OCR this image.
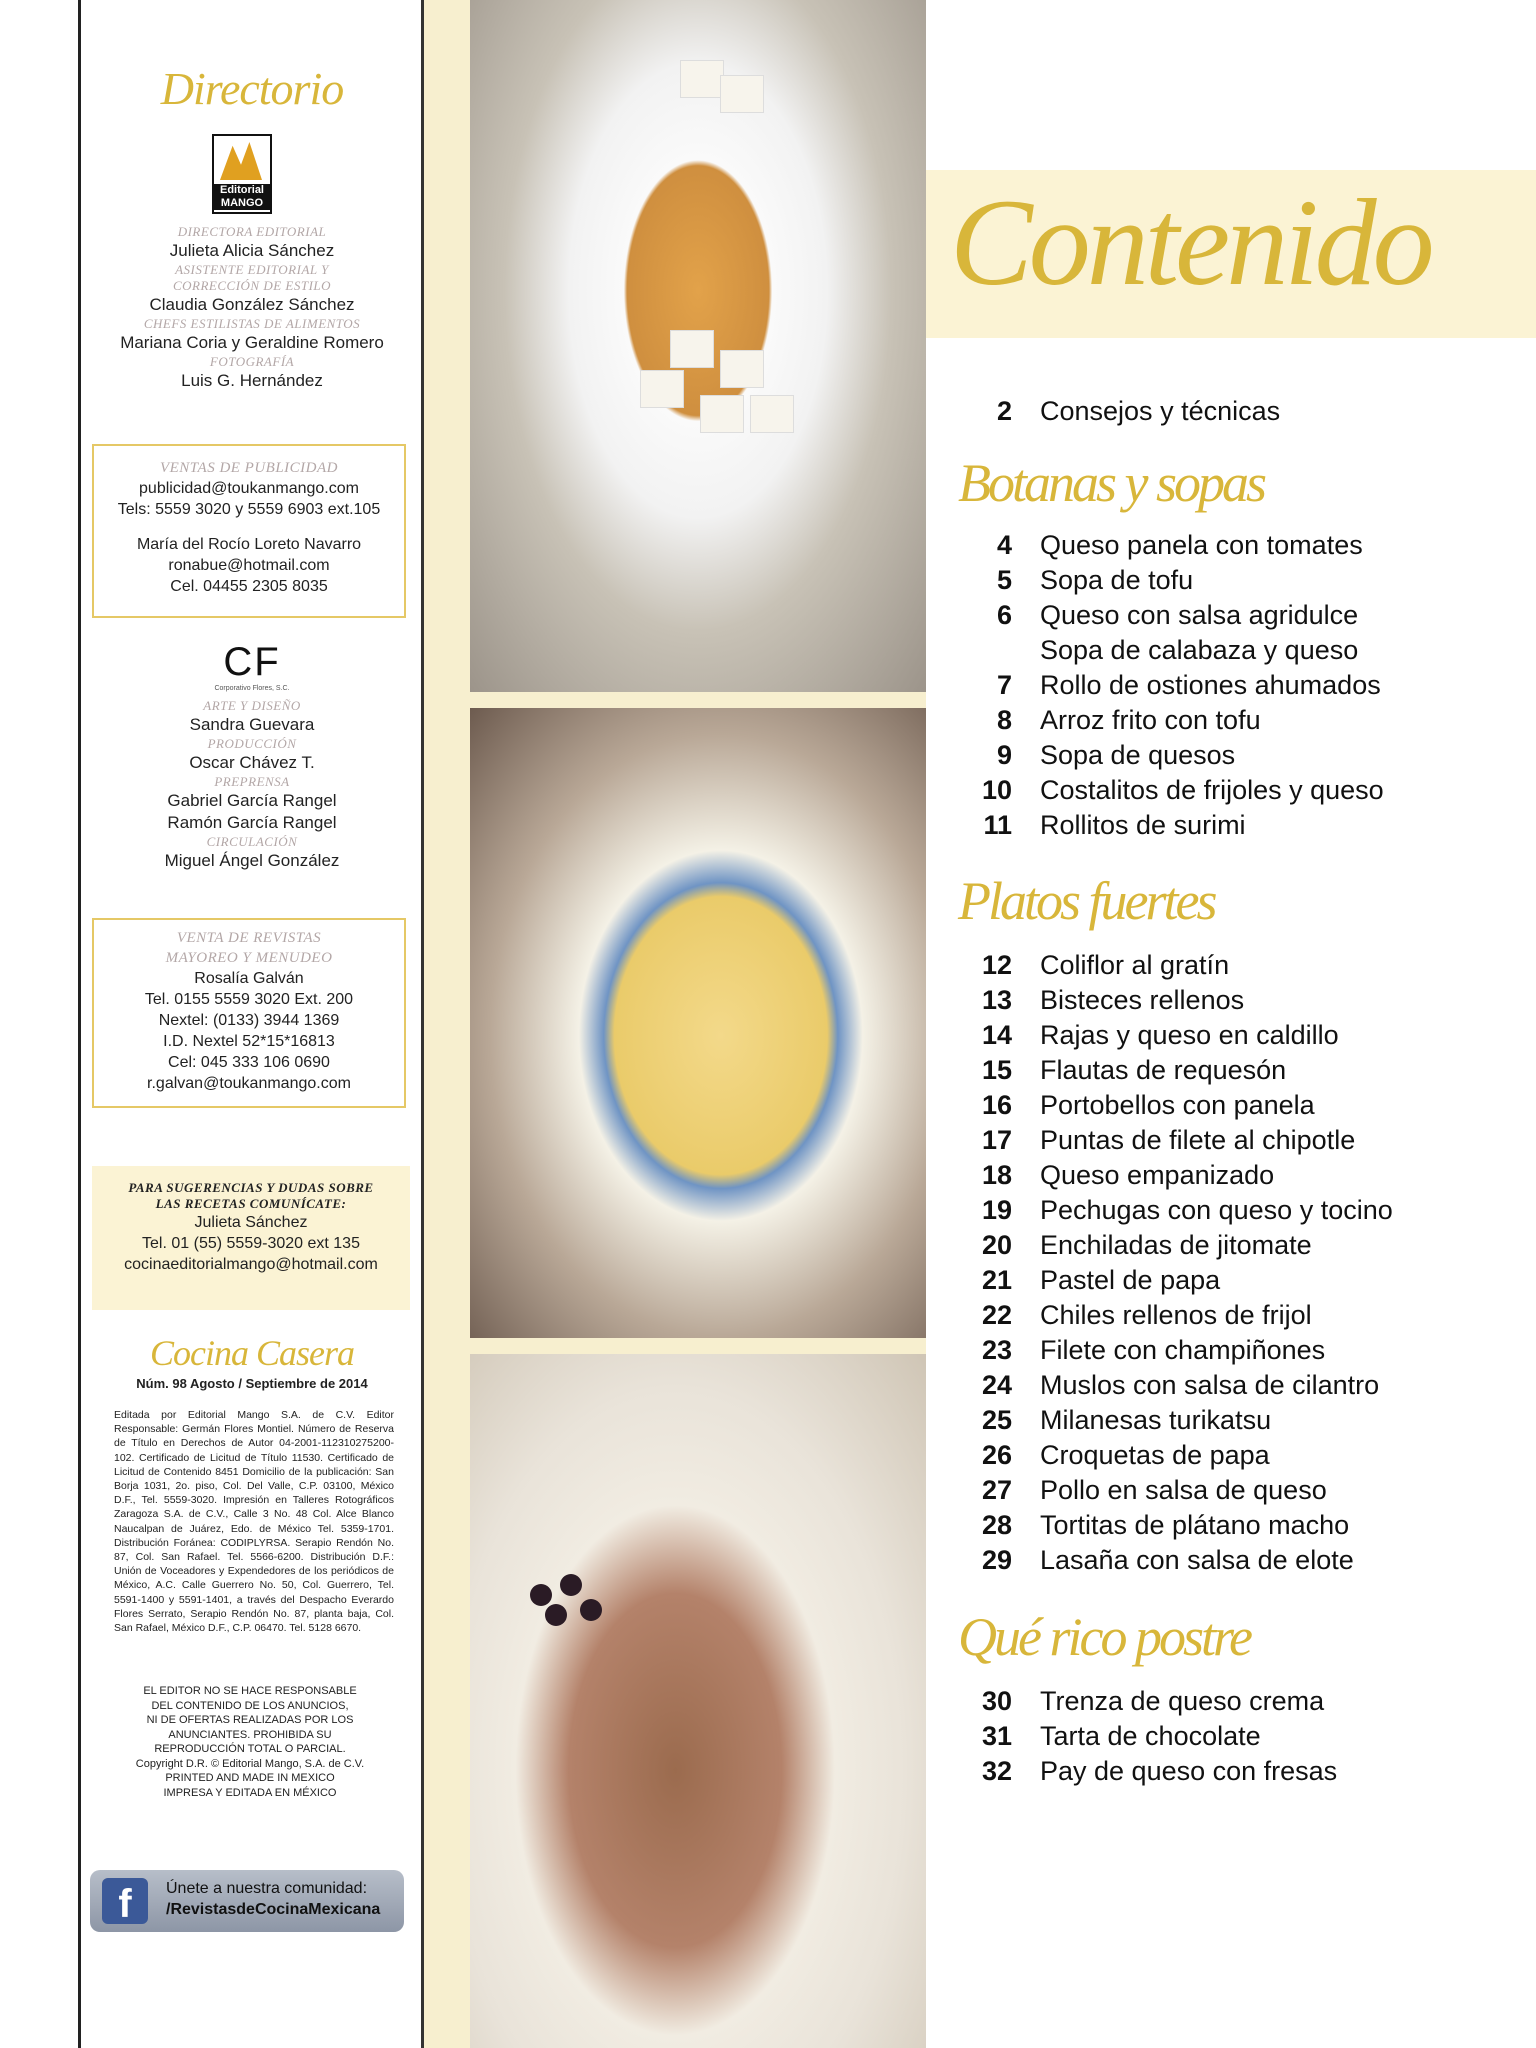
Directorio
Editorial MANGO
DIRECTORA EDITORIAL
Julieta Alicia Sánchez
ASISTENTE EDITORIAL Y CORRECCIÓN DE ESTILO
Claudia González Sánchez
CHEFS ESTILISTAS DE ALIMENTOS
Mariana Coria y Geraldine Romero
FOTOGRAFÍA
Luis G. Hernández
VENTAS DE PUBLICIDAD
publicidad@toukanmango.com
Tels: 5559 3020 y 5559 6903 ext.105
María del Rocío Loreto Navarro
ronabue@hotmail.com
Cel. 04455 2305 8035
CF
Corporativo Flores, S.C.
ARTE Y DISEÑO
Sandra Guevara
PRODUCCIÓN
Oscar Chávez T.
PREPRENSA
Gabriel García Rangel
Ramón García Rangel
CIRCULACIÓN
Miguel Ángel González
VENTA DE REVISTAS MAYOREO Y MENUDEO
Rosalía Galván
Tel. 0155 5559 3020 Ext. 200
Nextel: (0133) 3944 1369
I.D. Nextel 52*15*16813
Cel: 045 333 106 0690
r.galvan@toukanmango.com
PARA SUGERENCIAS Y DUDAS SOBRE LAS RECETAS COMUNÍCATE:
Julieta Sánchez
Tel. 01 (55) 5559-3020 ext 135
cocinaeditorialmango@hotmail.com
Cocina Casera
Núm. 98 Agosto / Septiembre de 2014
Editada por Editorial Mango S.A. de C.V. Editor Responsable: Germán Flores Montiel. Número de Reserva de Título en Derechos de Autor 04-2001-112310275200-102. Certificado de Licitud de Título 11530. Certificado de Licitud de Contenido 8451 Domicilio de la publicación: San Borja 1031, 2o. piso, Col. Del Valle, C.P. 03100, México D.F., Tel. 5559-3020. Impresión en Talleres Rotográficos Zaragoza S.A. de C.V., Calle 3 No. 48 Col. Alce Blanco Naucalpan de Juárez, Edo. de México Tel. 5359-1701. Distribución Foránea: CODIPLYRSA. Serapio Rendón No. 87, Col. San Rafael. Tel. 5566-6200. Distribución D.F.: Unión de Voceadores y Expendedores de los periódicos de México, A.C. Calle Guerrero No. 50, Col. Guerrero, Tel. 5591-1400 y 5591-1401, a través del Despacho Everardo Flores Serrato, Serapio Rendón No. 87, planta baja, Col. San Rafael, México D.F., C.P. 06470. Tel. 5128 6670.
EL EDITOR NO SE HACE RESPONSABLE
DEL CONTENIDO DE LOS ANUNCIOS,
NI DE OFERTAS REALIZADAS POR LOS
ANUNCIANTES. PROHIBIDA SU
REPRODUCCIÓN TOTAL O PARCIAL.
Copyright D.R. © Editorial Mango, S.A. de C.V.
PRINTED AND MADE IN MEXICO
IMPRESA Y EDITADA EN MÉXICO
f	Únete a nuestra comunidad:
/RevistasdeCocinaMexicana
Contenido
2 Consejos y técnicas
Botanas y sopas
4 Queso panela con tomates
5 Sopa de tofu
6 Queso con salsa agridulce
Sopa de calabaza y queso
7 Rollo de ostiones ahumados
8 Arroz frito con tofu
9 Sopa de quesos
10 Costalitos de frijoles y queso
11 Rollitos de surimi
Platos fuertes
12 Coliflor al gratín
13 Bisteces rellenos
14 Rajas y queso en caldillo
15 Flautas de requesón
16 Portobellos con panela
17 Puntas de filete al chipotle
18 Queso empanizado
19 Pechugas con queso y tocino
20 Enchiladas de jitomate
21 Pastel de papa
22 Chiles rellenos de frijol
23 Filete con champiñones
24 Muslos con salsa de cilantro
25 Milanesas turikatsu
26 Croquetas de papa
27 Pollo en salsa de queso
28 Tortitas de plátano macho
29 Lasaña con salsa de elote
Qué rico postre
30 Trenza de queso crema
31 Tarta de chocolate
32 Pay de queso con fresas
